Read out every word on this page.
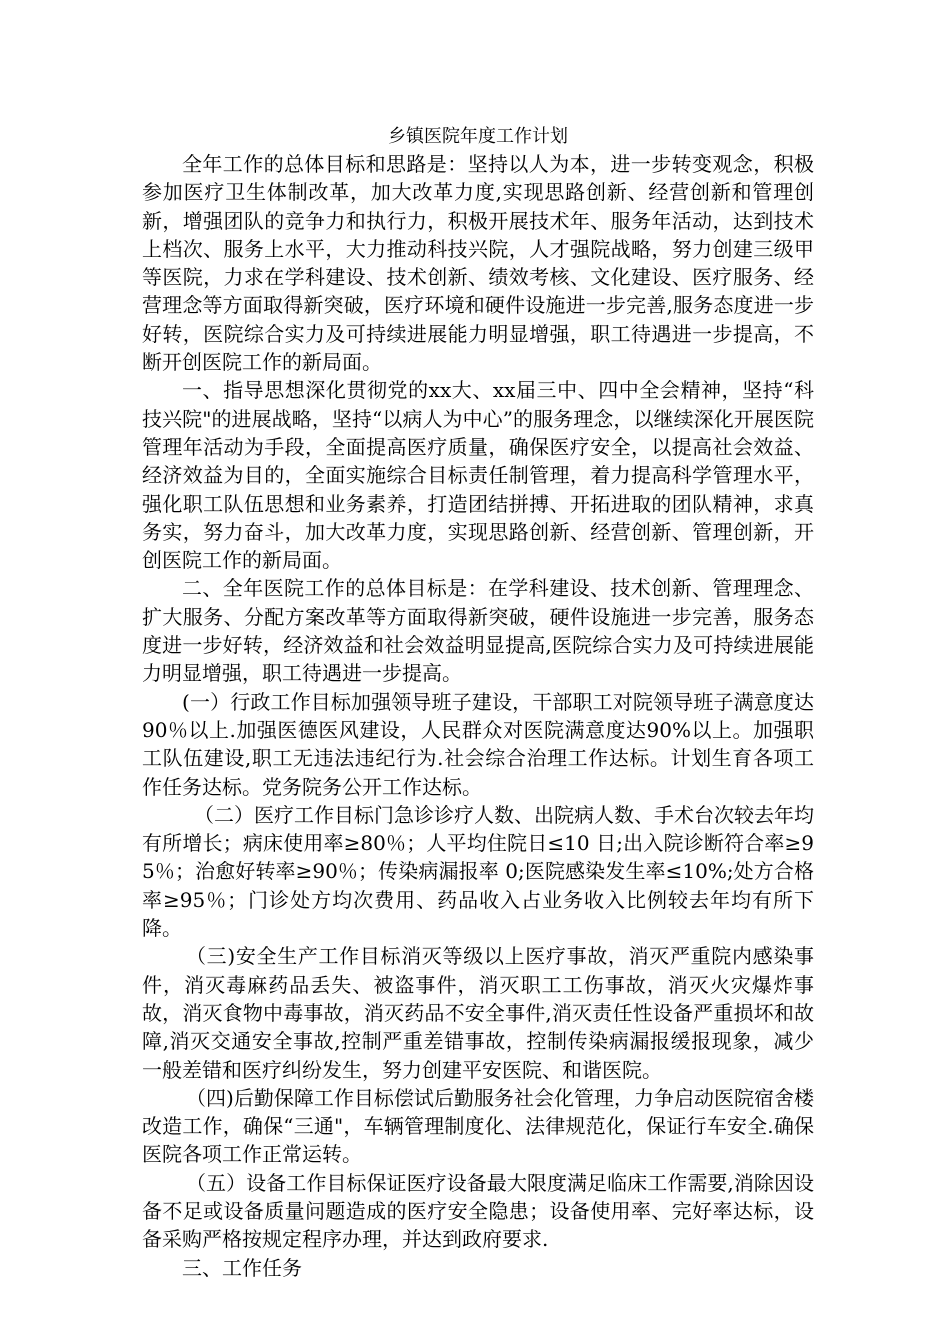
乡镇医院年度工作计划

全年工作的总体目标和思路是：坚持以人为本，进一步转变观念，积极参加医疗卫生体制改革，加大改革力度,实现思路创新、经营创新和管理创新，增强团队的竞争力和执行力，积极开展技术年、服务年活动，达到技术上档次、服务上水平，大力推动科技兴院，人才强院战略，努力创建三级甲等医院，力求在学科建设、技术创新、绩效考核、文化建设、医疗服务、经营理念等方面取得新突破，医疗环境和硬件设施进一步完善,服务态度进一步好转，医院综合实力及可持续进展能力明显增强，职工待遇进一步提高，不断开创医院工作的新局面。

一、指导思想深化贯彻党的xx大、xx届三中、四中全会精神，坚持“科技兴院"的进展战略，坚持“以病人为中心”的服务理念，以继续深化开展医院管理年活动为手段，全面提高医疗质量，确保医疗安全，以提高社会效益、经济效益为目的，全面实施综合目标责任制管理，着力提高科学管理水平，强化职工队伍思想和业务素养，打造团结拼搏、开拓进取的团队精神，求真务实，努力奋斗，加大改革力度，实现思路创新、经营创新、管理创新，开创医院工作的新局面。

二、全年医院工作的总体目标是：在学科建设、技术创新、管理理念、扩大服务、分配方案改革等方面取得新突破，硬件设施进一步完善，服务态度进一步好转，经济效益和社会效益明显提高,医院综合实力及可持续进展能力明显增强，职工待遇进一步提高。

(一）行政工作目标加强领导班子建设，干部职工对院领导班子满意度达 90％以上.加强医德医风建设，人民群众对医院满意度达90%以上。加强职工队伍建设,职工无违法违纪行为.社会综合治理工作达标。计划生育各项工作任务达标。党务院务公开工作达标。

（二）医疗工作目标门急诊诊疗人数、出院病人数、手术台次较去年均有所增长；病床使用率≥80％；人平均住院日≤10 日;出入院诊断符合率≥95％；治愈好转率≥90％；传染病漏报率 0;医院感染发生率≤10%;处方合格率≥95％；门诊处方均次费用、药品收入占业务收入比例较去年均有所下降。

（三)安全生产工作目标消灭等级以上医疗事故，消灭严重院内感染事件，消灭毒麻药品丢失、被盗事件，消灭职工工伤事故，消灭火灾爆炸事故，消灭食物中毒事故，消灭药品不安全事件,消灭责任性设备严重损坏和故障,消灭交通安全事故,控制严重差错事故，控制传染病漏报缓报现象，减少一般差错和医疗纠纷发生，努力创建平安医院、和谐医院。

（四)后勤保障工作目标偿试后勤服务社会化管理，力争启动医院宿舍楼改造工作，确保“三通"，车辆管理制度化、法律规范化，保证行车安全.确保医院各项工作正常运转。

（五）设备工作目标保证医疗设备最大限度满足临床工作需要,消除因设备不足或设备质量问题造成的医疗安全隐患；设备使用率、完好率达标，设备采购严格按规定程序办理，并达到政府要求.

三、工作任务
